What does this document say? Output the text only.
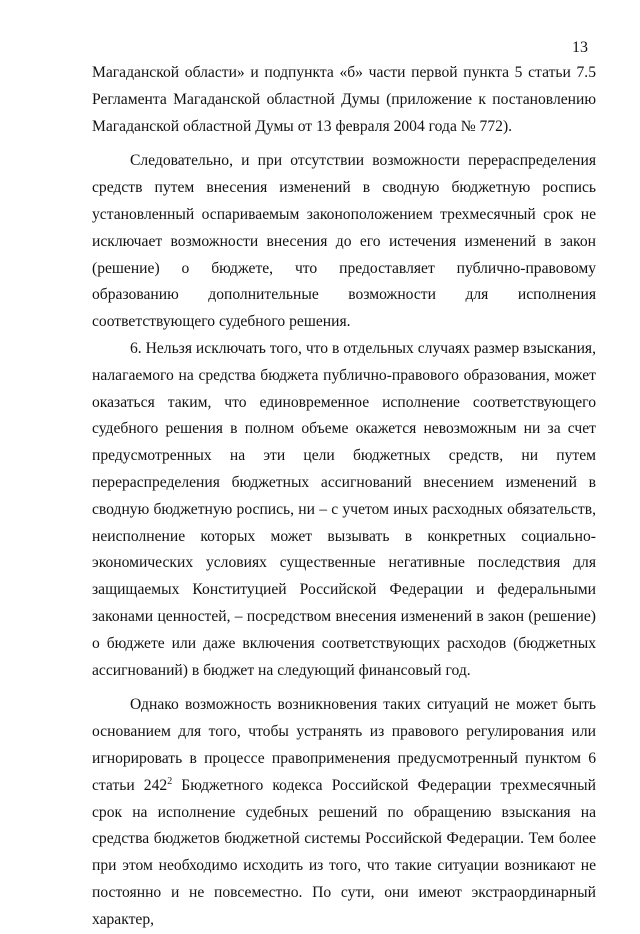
13

Магаданской области» и подпункта «б» части первой пункта 5 статьи 7.5 Регламента Магаданской областной Думы (приложение к постановлению Магаданской областной Думы от 13 февраля 2004 года № 772).

Следовательно, и при отсутствии возможности перераспределения средств путем внесения изменений в сводную бюджетную роспись установленный оспариваемым законоположением трехмесячный срок не исключает возможности внесения до его истечения изменений в закон (решение) о бюджете, что предоставляет публично-правовому образованию дополнительные возможности для исполнения соответствующего судебного решения.

6. Нельзя исключать того, что в отдельных случаях размер взыскания, налагаемого на средства бюджета публично-правового образования, может оказаться таким, что единовременное исполнение соответствующего судебного решения в полном объеме окажется невозможным ни за счет предусмотренных на эти цели бюджетных средств, ни путем перераспределения бюджетных ассигнований внесением изменений в сводную бюджетную роспись, ни – с учетом иных расходных обязательств, неисполнение которых может вызывать в конкретных социально-экономических условиях существенные негативные последствия для защищаемых Конституцией Российской Федерации и федеральными законами ценностей, – посредством внесения изменений в закон (решение) о бюджете или даже включения соответствующих расходов (бюджетных ассигнований) в бюджет на следующий финансовый год.

Однако возможность возникновения таких ситуаций не может быть основанием для того, чтобы устранять из правового регулирования или игнорировать в процессе правоприменения предусмотренный пунктом 6 статьи $242^2$ Бюджетного кодекса Российской Федерации трехмесячный срок на исполнение судебных решений по обращению взыскания на средства бюджетов бюджетной системы Российской Федерации. Тем более при этом необходимо исходить из того, что такие ситуации возникают не постоянно и не повсеместно. По сути, они имеют экстраординарный характер,
